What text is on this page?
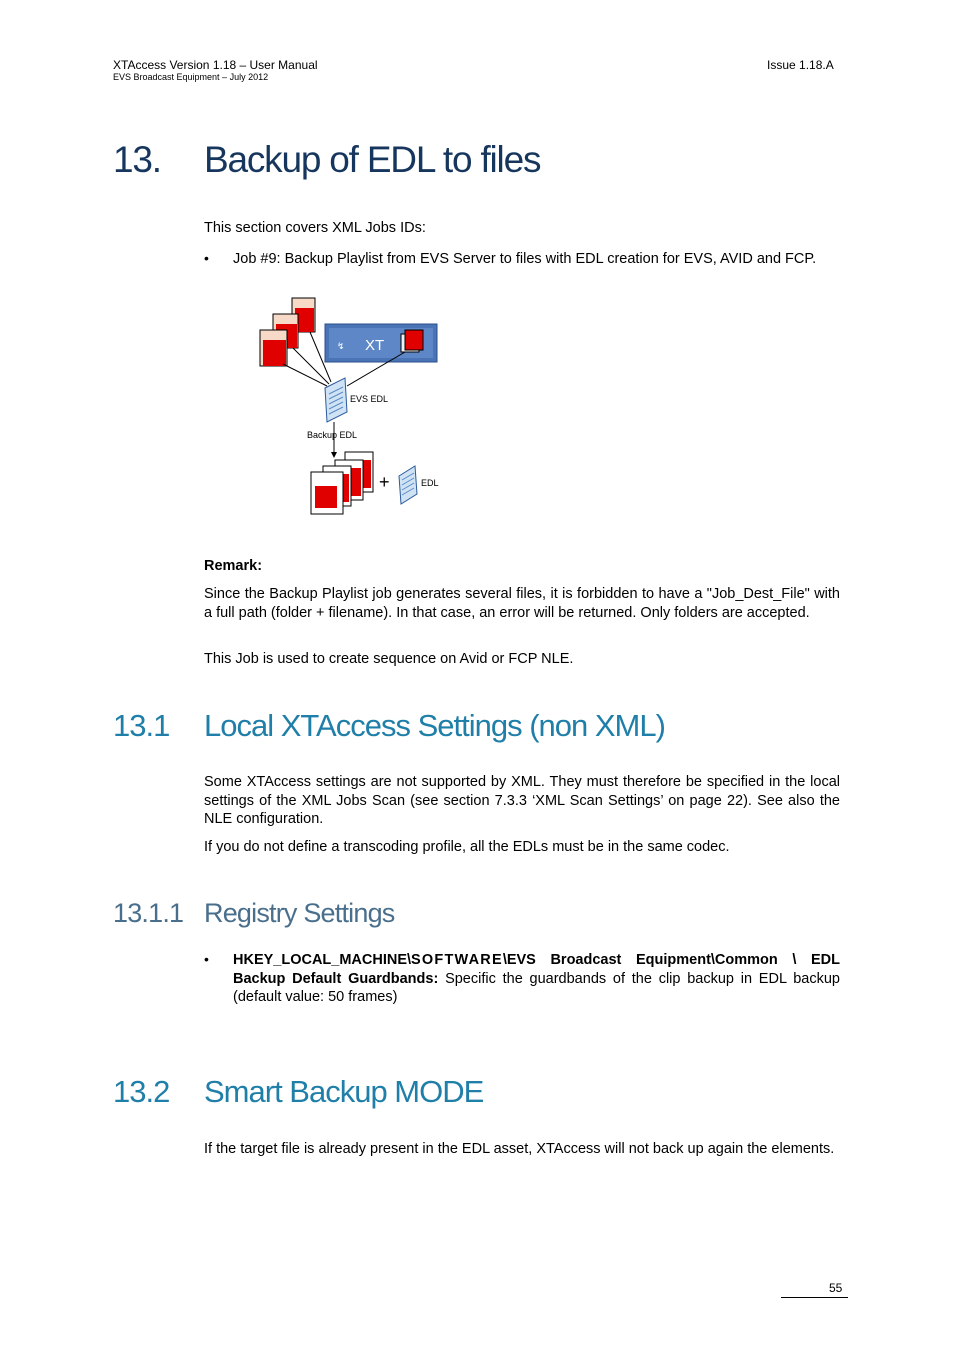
XTAccess Version 1.18 – User Manual
EVS Broadcast Equipment – July 2012
Issue 1.18.A
13. Backup of EDL to files
This section covers XML Jobs IDs:
• Job #9: Backup Playlist from EVS Server to files with EDL creation for EVS, AVID and FCP.
↯ XT
EVS EDL
Backup EDL
+	EDL
Remark:
Since the Backup Playlist job generates several files, it is forbidden to have a "Job_Dest_File" with a full path (folder + filename). In that case, an error will be returned. Only folders are accepted.
This Job is used to create sequence on Avid or FCP NLE.
13.1 Local XTAccess Settings (non XML)
Some XTAccess settings are not supported by XML. They must therefore be specified in the local settings of the XML Jobs Scan (see section 7.3.3 ‘XML Scan Settings’ on page 22). See also the NLE configuration.
If you do not define a transcoding profile, all the EDLs must be in the same codec.
13.1.1 Registry Settings
• HKEY_LOCAL_MACHINE\SOFTWARE\EVS Broadcast Equipment\Common \ EDL Backup Default Guardbands: Specific the guardbands of the clip backup in EDL backup (default value: 50 frames)
13.2 Smart Backup MODE
If the target file is already present in the EDL asset, XTAccess will not back up again the elements.
55
